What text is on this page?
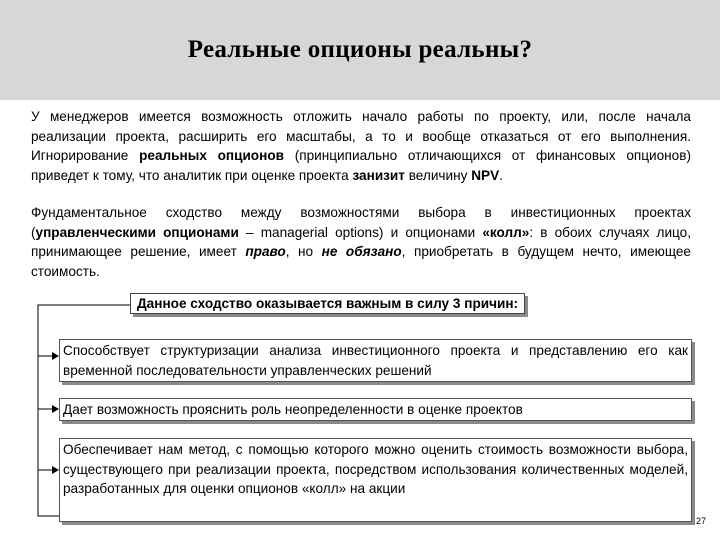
Реальные опционы реальны?

У менеджеров имеется возможность отложить начало работы по проекту, или, после начала реализации проекта, расширить его масштабы, а то и вообще отказаться от его выполнения. Игнорирование реальных опционов (принципиально отличающихся от финансовых опционов) приведет к тому, что аналитик при оценке проекта занизит величину NPV.

Фундаментальное сходство между возможностями выбора в инвестиционных проектах (управленческими опционами – managerial options) и опционами «колл»: в обоих случаях лицо, принимающее решение, имеет право, но не обязано, приобретать в будущем нечто, имеющее стоимость.

Данное сходство оказывается важным в силу 3 причин:
Способствует структуризации анализа инвестиционного проекта и представлению его как временной последовательности управленческих решений
Дает возможность прояснить роль неопределенности в оценке проектов
Обеспечивает нам метод, с помощью которого можно оценить стоимость возможности выбора, существующего при реализации проекта, посредством использования количественных моделей, разработанных для оценки опционов «колл» на акции
27
